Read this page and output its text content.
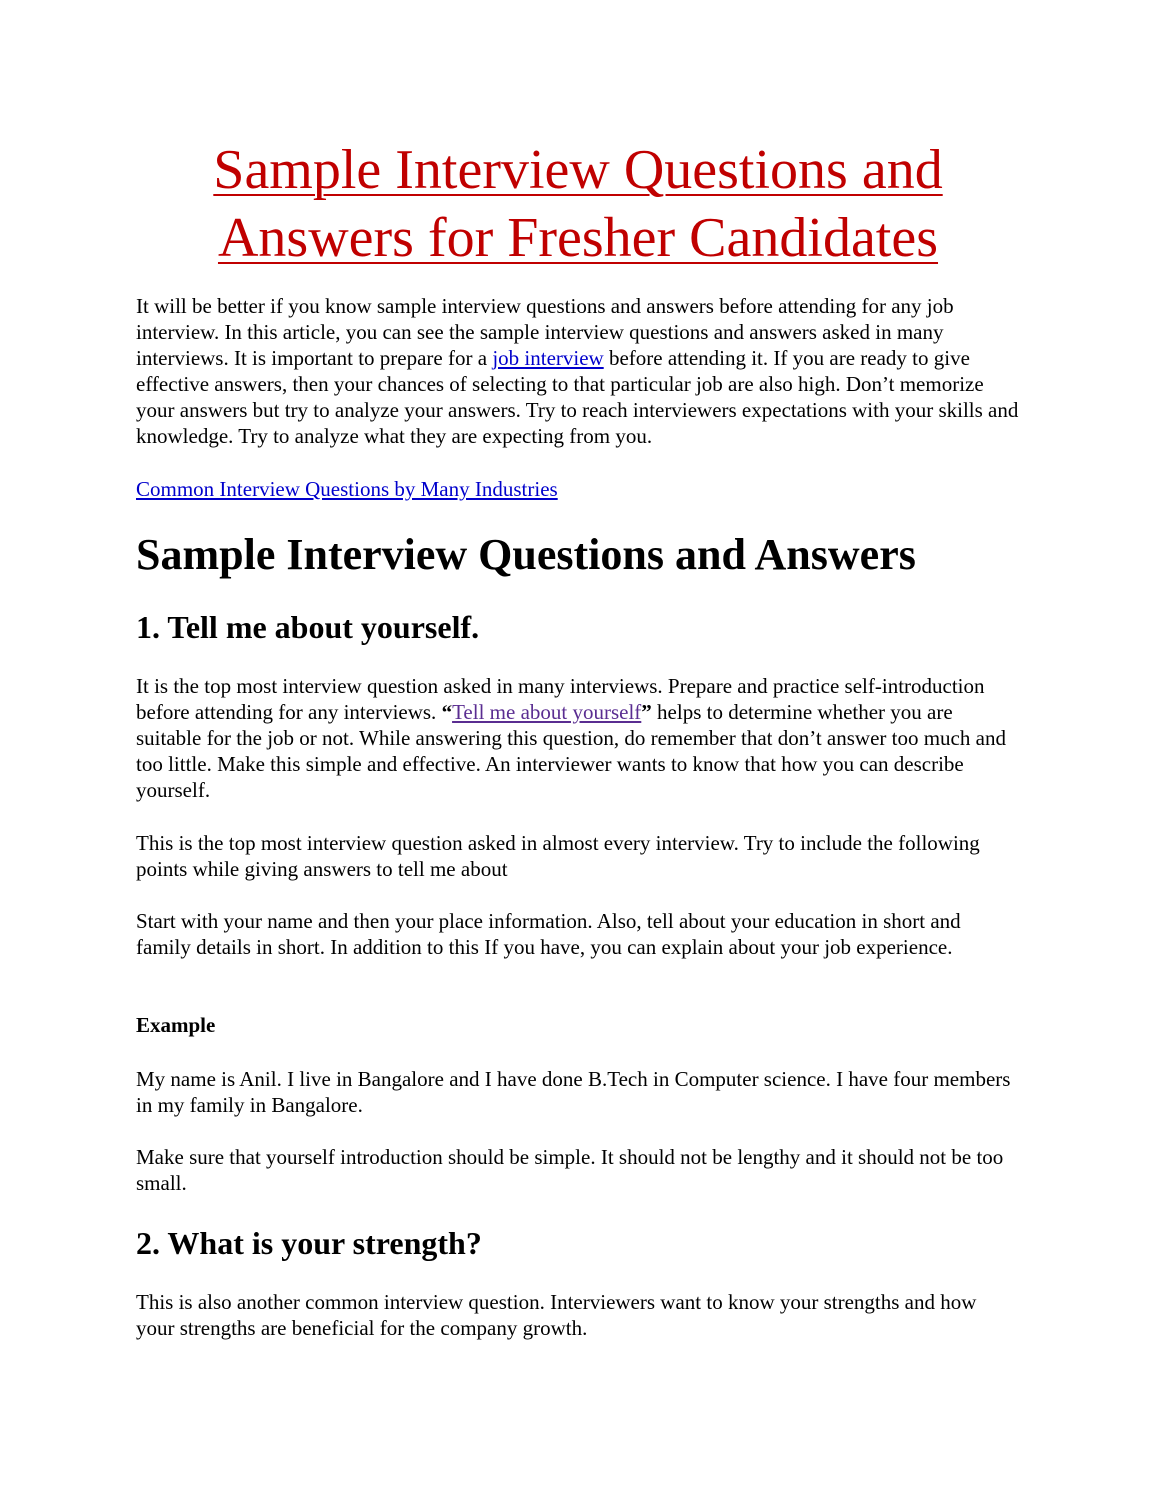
Sample Interview Questions and
Answers for Fresher Candidates

It will be better if you know sample interview questions and answers before attending for any job interview. In this article, you can see the sample interview questions and answers asked in many interviews. It is important to prepare for a job interview before attending it. If you are ready to give effective answers, then your chances of selecting to that particular job are also high. Don’t memorize your answers but try to analyze your answers. Try to reach interviewers expectations with your skills and knowledge. Try to analyze what they are expecting from you.

Common Interview Questions by Many Industries

Sample Interview Questions and Answers
1. Tell me about yourself.

It is the top most interview question asked in many interviews. Prepare and practice self-introduction before attending for any interviews. “Tell me about yourself” helps to determine whether you are suitable for the job or not. While answering this question, do remember that don’t answer too much and too little. Make this simple and effective. An interviewer wants to know that how you can describe yourself.

This is the top most interview question asked in almost every interview. Try to include the following points while giving answers to tell me about

Start with your name and then your place information. Also, tell about your education in short and family details in short. In addition to this If you have, you can explain about your job experience.

Example

My name is Anil. I live in Bangalore and I have done B.Tech in Computer science. I have four members in my family in Bangalore.

Make sure that yourself introduction should be simple. It should not be lengthy and it should not be too small.

2. What is your strength?

This is also another common interview question. Interviewers want to know your strengths and how your strengths are beneficial for the company growth.
